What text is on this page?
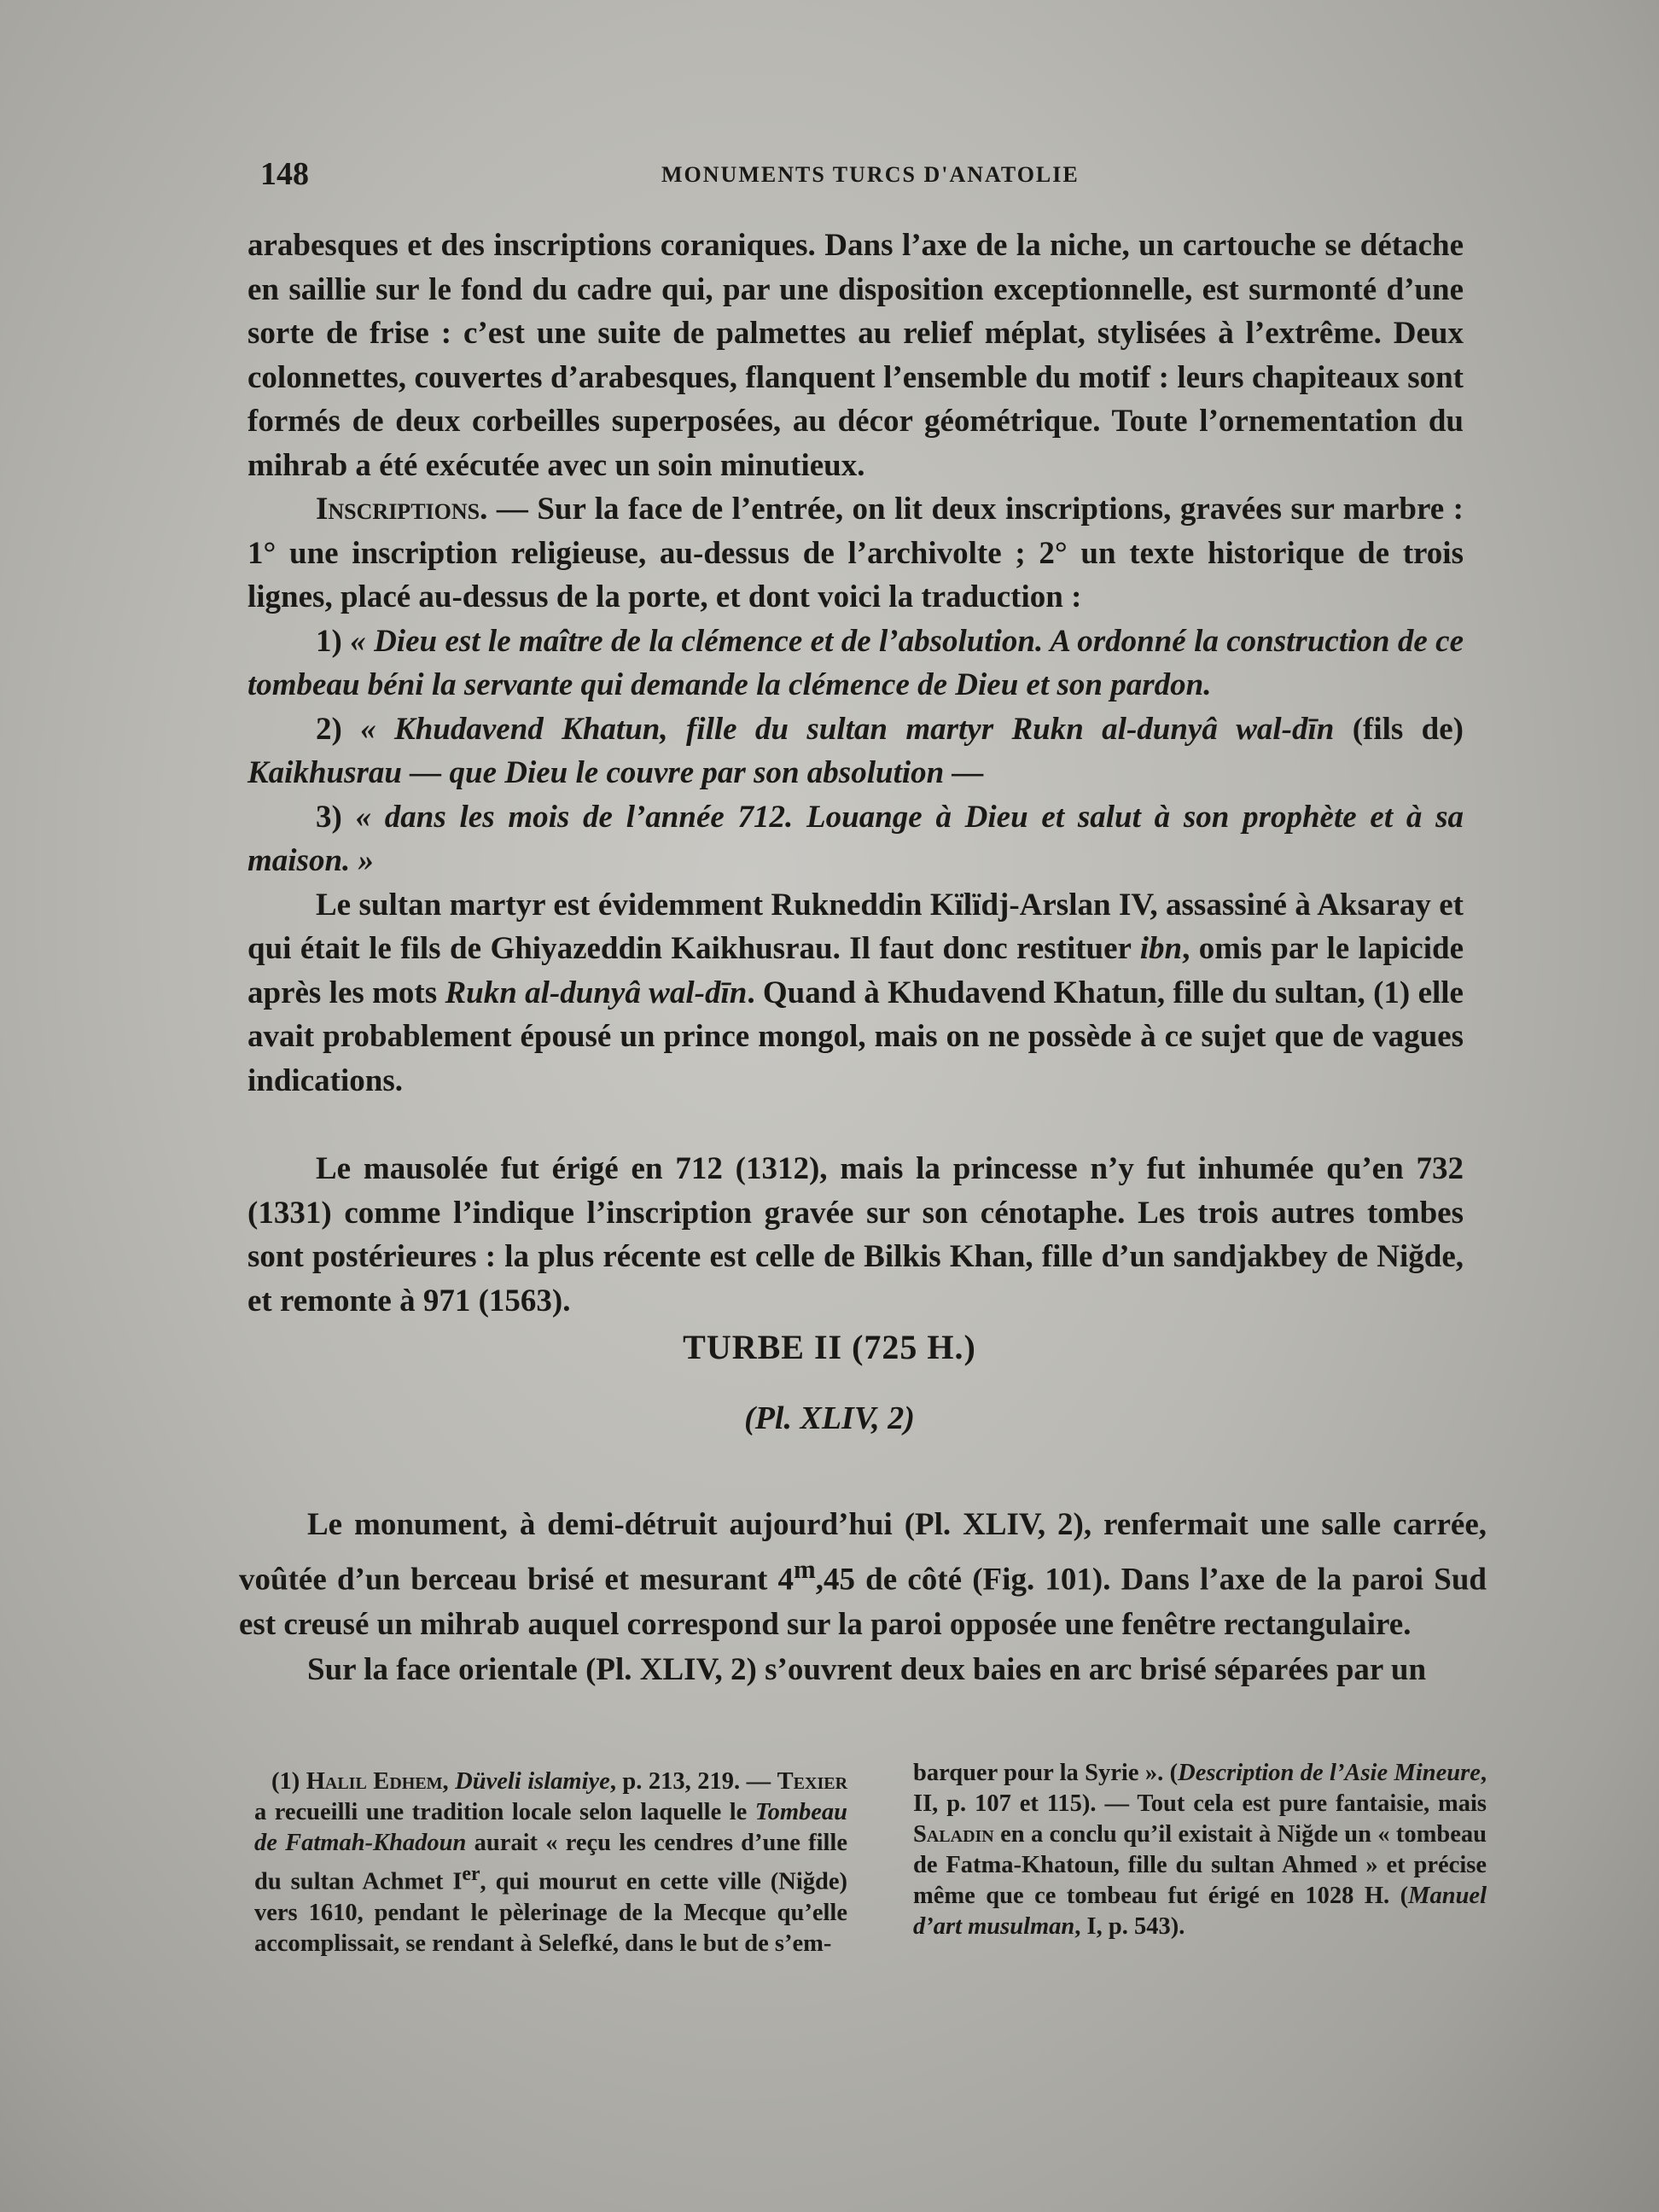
148	MONUMENTS TURCS D'ANATOLIE

arabesques et des inscriptions coraniques. Dans l’axe de la niche, un cartouche se détache en saillie sur le fond du cadre qui, par une disposition exceptionnelle, est surmonté d’une sorte de frise : c’est une suite de palmettes au relief méplat, stylisées à l’extrême. Deux colonnettes, couvertes d’arabesques, flanquent l’ensemble du motif : leurs chapiteaux sont formés de deux corbeilles superposées, au décor géométrique. Toute l’ornementation du mihrab a été exécutée avec un soin minutieux.

Inscriptions. — Sur la face de l’entrée, on lit deux inscriptions, gravées sur marbre : 1° une inscription religieuse, au-dessus de l’archivolte ; 2° un texte historique de trois lignes, placé au-dessus de la porte, et dont voici la traduction :

1) « Dieu est le maître de la clémence et de l’absolution. A ordonné la construction de ce tombeau béni la servante qui demande la clémence de Dieu et son pardon.

2) « Khudavend Khatun, fille du sultan martyr Rukn al-dunyâ wal-dīn (fils de) Kaikhusrau — que Dieu le couvre par son absolution —

3) « dans les mois de l’année 712. Louange à Dieu et salut à son prophète et à sa maison. »

Le sultan martyr est évidemment Rukneddin Kïlïdj-Arslan IV, assassiné à Aksaray et qui était le fils de Ghiyazeddin Kaikhusrau. Il faut donc restituer ibn, omis par le lapicide après les mots Rukn al-dunyâ wal-dīn. Quand à Khudavend Khatun, fille du sultan, (1) elle avait probablement épousé un prince mongol, mais on ne possède à ce sujet que de vagues indications.

Le mausolée fut érigé en 712 (1312), mais la princesse n’y fut inhumée qu’en 732 (1331) comme l’indique l’inscription gravée sur son cénotaphe. Les trois autres tombes sont postérieures : la plus récente est celle de Bilkis Khan, fille d’un sandjakbey de Niğde, et remonte à 971 (1563).

TURBE II (725 H.)
(Pl. XLIV, 2)

Le monument, à demi-détruit aujourd’hui (Pl. XLIV, 2), renfermait une salle carrée, voûtée d’un berceau brisé et mesurant 4$^m$,45 de côté (Fig. 101). Dans l’axe de la paroi Sud est creusé un mihrab auquel correspond sur la paroi opposée une fenêtre rectangulaire.

Sur la face orientale (Pl. XLIV, 2) s’ouvrent deux baies en arc brisé séparées par un

(1) Halil Edhem, Düveli islamiye, p. 213, 219. — Texier a recueilli une tradition locale selon laquelle le Tombeau de Fatmah-Khadoun aurait « reçu les cendres d’une fille du sultan Achmet Ier, qui mourut en cette ville (Niğde) vers 1610, pendant le pèlerinage de la Mecque qu’elle accomplissait, se rendant à Selefké, dans le but de s’em-

barquer pour la Syrie ». (Description de l’Asie Mineure, II, p. 107 et 115). — Tout cela est pure fantaisie, mais Saladin en a conclu qu’il existait à Niğde un « tombeau de Fatma-Khatoun, fille du sultan Ahmed » et précise même que ce tombeau fut érigé en 1028 H. (Manuel d’art musulman, I, p. 543).
